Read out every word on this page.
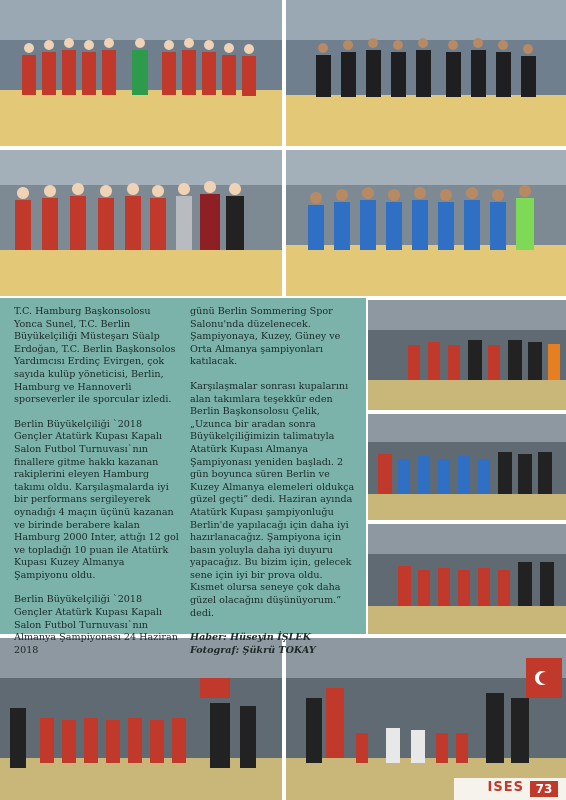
T.C. Hamburg Başkonsolosu Yonca Sunel, T.C. Berlin Büyükelçiliği Müsteşarı Süalp Erdoğan, T.C. Berlin Başkonsolos Yardımcısı Erdinç Evirgen, çok sayıda kulüp yöneticisi, Berlin, Hamburg ve Hannoverli sporseverler ile sporcular izledi.

Berlin Büyükelçiliği `2018 Gençler Atatürk Kupası Kapalı Salon Futbol Turnuvası`nın finallere gitme hakkı kazanan rakiplerini eleyen Hamburg takımı oldu. Karşılaşmalarda iyi bir performans sergileyerek oynadığı 4 maçın üçünü kazanan ve birinde berabere kalan Hamburg 2000 Inter, attığı 12 gol ve topladığı 10 puan ile Atatürk Kupası Kuzey Almanya Şampiyonu oldu.

Berlin Büyükelçiliği `2018 Gençler Atatürk Kupası Kapalı Salon Futbol Turnuvası`nın Almanya Şampiyonası 24 Haziran 2018

günü Berlin Sommering Spor Salonu'nda düzelenecek. Şampiyonaya, Kuzey, Güney ve Orta Almanya şampiyonları katılacak.

Karşılaşmalar sonrası kupalarını alan takımlara teşekkür eden Berlin Başkonsolosu Çelik, „Uzunca bir aradan sonra Büyükelçiliğimizin talimatıyla Atatürk Kupası Almanya Şampiyonası yeniden başladı. 2 gün boyunca süren Berlin ve Kuzey Almanya elemeleri oldukça güzel geçti” dedi. Haziran ayında Atatürk Kupası şampiyonluğu Berlin'de yapılacağı için daha iyi hazırlanacağız. Şampiyona için basın yoluyla daha iyi duyuru yapacağız. Bu bizim için, gelecek sene için iyi bir prova oldu. Kısmet olursa seneye çok daha güzel olacağını düşünüyorum.” dedi.

Haber: Hüseyin İŞLEK

Fotograf: Şükrü TOKAY

ISES 73
